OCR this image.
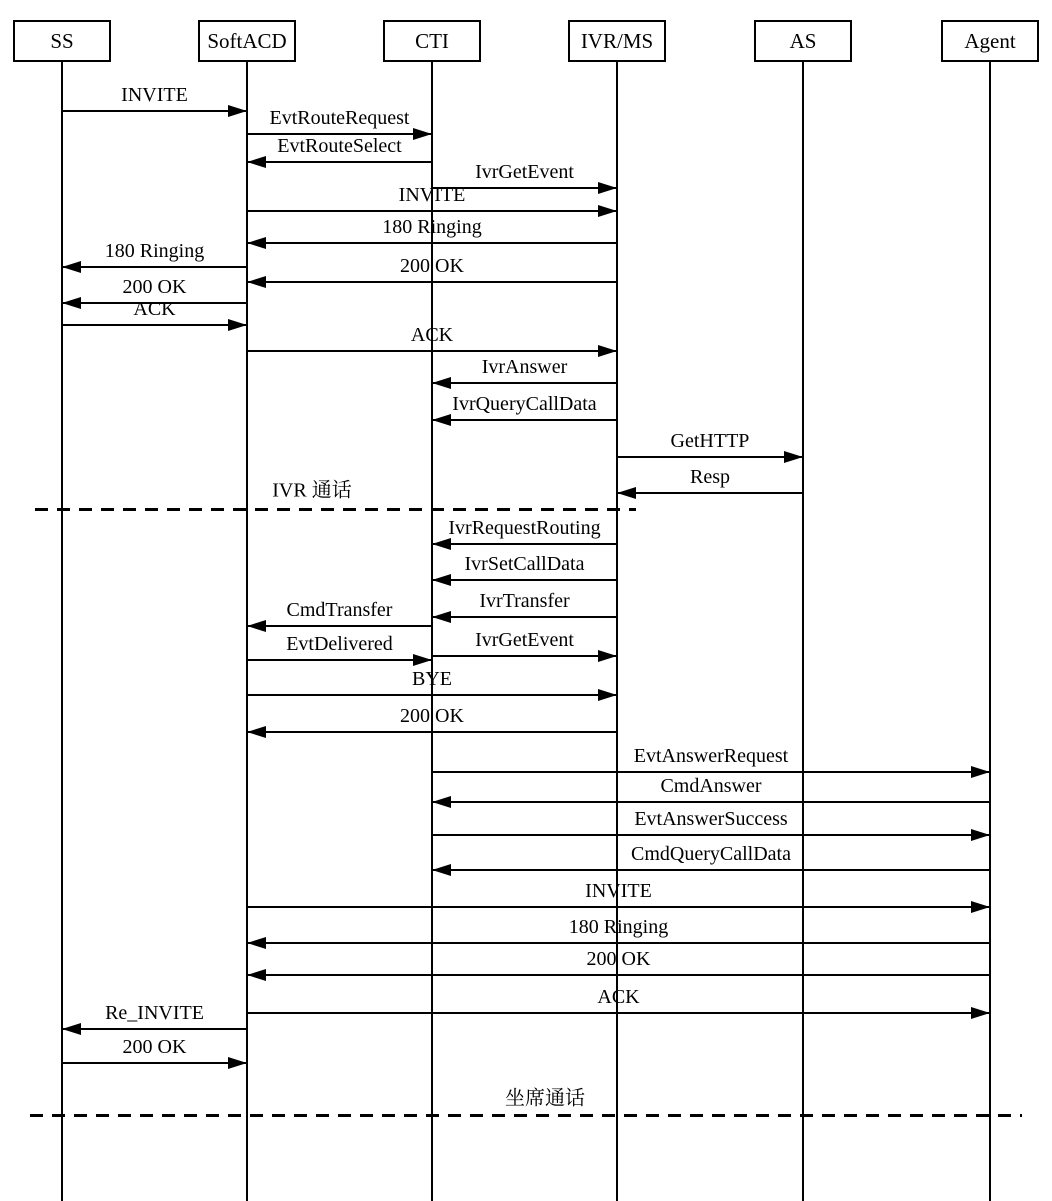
SS	SoftACD	CTI	IVR/MS	AS	Agent
INVITE
EvtRouteRequest
EvtRouteSelect
IvrGetEvent
INVITE
180 Ringing
180 Ringing
200 OK
200 OK
ACK
ACK
IvrAnswer
IvrQueryCallData
GetHTTP
Resp
IvrRequestRouting
IvrSetCallData
IvrTransfer
CmdTransfer
IvrGetEvent
EvtDelivered
BYE
200 OK
EvtAnswerRequest
CmdAnswer
EvtAnswerSuccess
CmdQueryCallData
INVITE
180 Ringing
200 OK
ACK
Re_INVITE
200 OK
IVR 通话
坐席通话
